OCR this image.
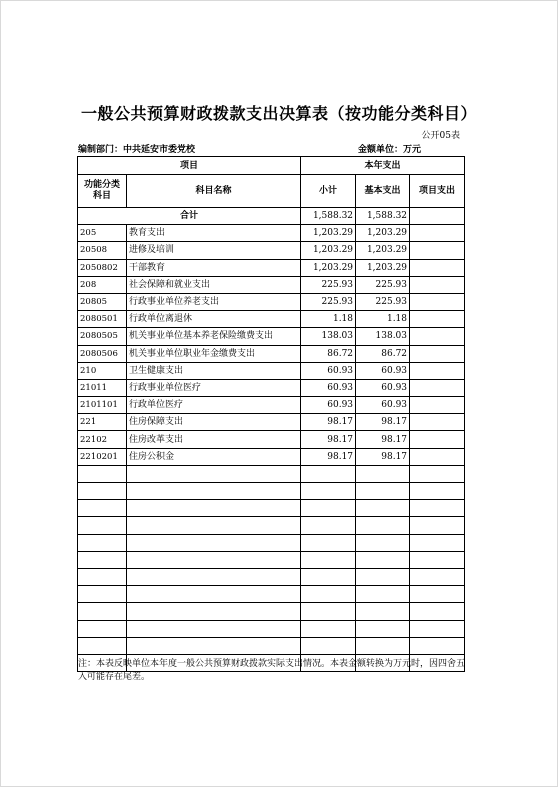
一般公共预算财政拨款支出决算表（按功能分类科目）
公开05表
编制部门：中共延安市委党校	金额单位：万元
项目		本年支出		
功能分类科目	科目名称	小计	基本支出	项目支出
合计		1,588.32	1,588.32	
205	教育支出	1,203.29	1,203.29	
20508	进修及培训	1,203.29	1,203.29	
2050802	干部教育	1,203.29	1,203.29	
208	社会保障和就业支出	225.93	225.93	
20805	行政事业单位养老支出	225.93	225.93	
2080501	行政单位离退休	1.18	1.18	
2080505	机关事业单位基本养老保险缴费支出	138.03	138.03	
2080506	机关事业单位职业年金缴费支出	86.72	86.72	
210	卫生健康支出	60.93	60.93	
21011	行政事业单位医疗	60.93	60.93	
2101101	行政单位医疗	60.93	60.93	
221	住房保障支出	98.17	98.17	
22102	住房改革支出	98.17	98.17	
2210201	住房公积金	98.17	98.17	

注：本表反映单位本年度一般公共预算财政拨款实际支出情况。本表金额转换为万元时，因四舍五入可能存在尾差。
